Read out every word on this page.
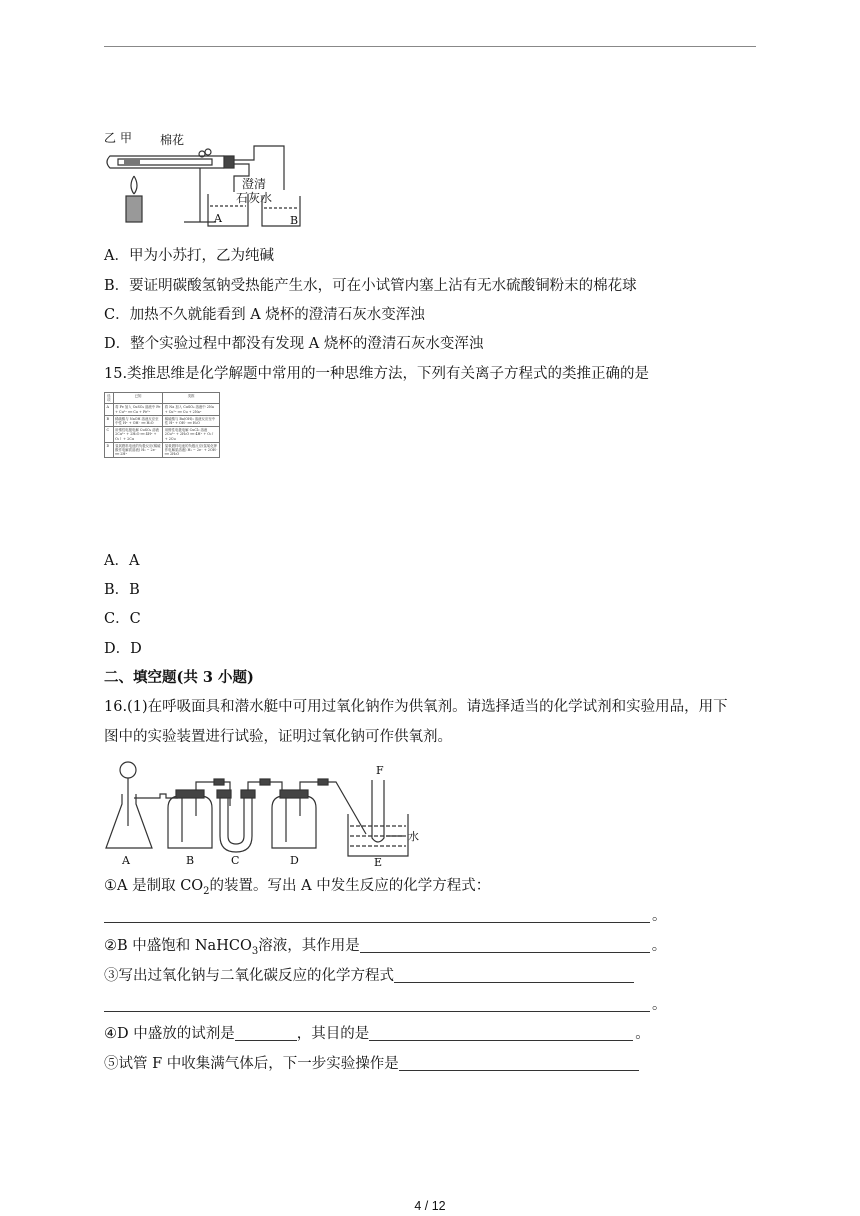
乙 甲 棉花
澄清
石灰水
A	B
A．甲为小苏打，乙为纯碱
B．要证明碳酸氢钠受热能产生水，可在小试管内塞上沾有无水硫酸铜粉末的棉花球
C．加热不久就能看到 A 烧杯的澄清石灰水变浑浊
D．整个实验过程中都没有发现 A 烧杯的澄清石灰水变浑浊
15.类推思维是化学解题中常用的一种思维方法，下列有关离子方程式的类推正确的是
选项	已知	类推
A	将 Fe 加入 CuSO₄ 溶液中 Fe + Cu²⁺ ══ Cu + Fe²⁺	将 Na 加入 CuSO₄ 溶液中 2Na + Cu²⁺ ══ Cu + 2Na⁺
B	稀硫酸与 NaOH 溶液反应至中性 H⁺ + OH⁻ ══ H₂O	稀硫酸与 Ba(OH)₂ 溶液反应至中性 H⁺ + OH⁻ ══ H₂O
C	用惰性电极电解 CuSO₄ 溶液 2Cu²⁺ + 2H₂O ══ 4H⁺ + O₂↑ + 2Cu	用惰性电极电解 CuCl₂ 溶液 2Cu²⁺ + 2H₂O ══ 4H⁺ + O₂↑ + 2Cu
D	氢氧燃料电池的负极反应(稀硫酸作电解质溶液) H₂ − 2e⁻ ══ 2H⁺	氢氧燃料电池的负极反应(氢氧化钾作电解质溶液) H₂ − 2e⁻ + 2OH⁻ ══ 2H₂O
A．A
B．B
C．C
D．D
二、填空题(共 3 小题)
16.(1)在呼吸面具和潜水艇中可用过氧化钠作为供氧剂。请选择适当的化学试剂和实验用品，用下
图中的实验装置进行试验，证明过氧化钠可作供氧剂。
A	B	C	D	E
F
水
①A 是制取 $CO_2$的装置。写出 A 中发生反应的化学方程式：
。
②B 中盛饱和 NaHCO$_3$溶液，其作用是	。
③写出过氧化钠与二氧化碳反应的化学方程式
。
④D 中盛放的试剂是	，其目的是	。
⑤试管 F 中收集满气体后，下一步实验操作是
4 / 12
